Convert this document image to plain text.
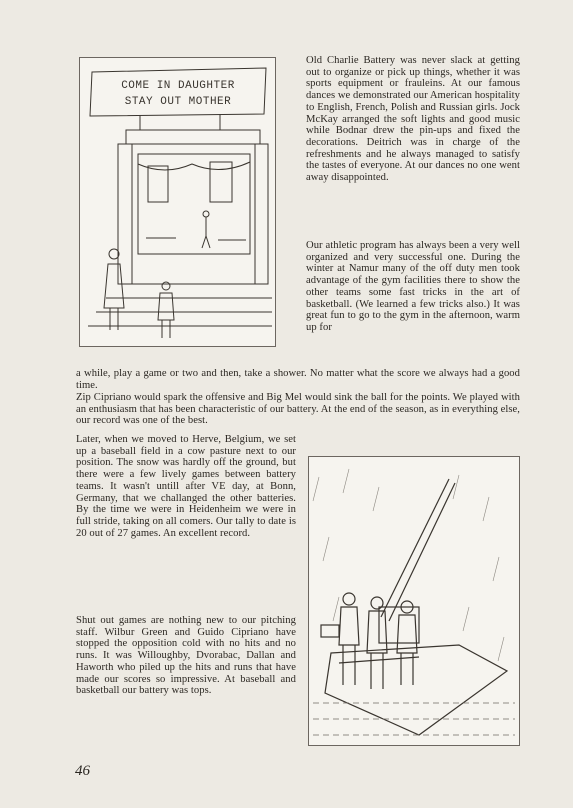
COME IN DAUGHTER
STAY OUT MOTHER

Old Charlie Battery was never slack at getting out to organize or pick up things, whether it was sports equipment or frauleins. At our famous dances we demonstrated our American hospitality to English, French, Polish and Russian girls. Jock McKay arranged the soft lights and good music while Bodnar drew the pin-ups and fixed the decorations. Deitrich was in charge of the refreshments and he always managed to satisfy the tastes of everyone. At our dances no one went away disappointed.

Our athletic program has always been a very well organized and very successful one. During the winter at Namur many of the off duty men took advantage of the gym facilities there to show the other teams some fast tricks in the art of basketball. (We learned a few tricks also.) It was great fun to go to the gym in the afternoon, warm up for

a while, play a game or two and then, take a shower. No matter what the score we always had a good time.

Zip Cipriano would spark the offensive and Big Mel would sink the ball for the points. We played with an enthusiasm that has been characteristic of our battery. At the end of the season, as in everything else, our record was one of the best.

Later, when we moved to Herve, Belgium, we set up a baseball field in a cow pasture next to our position. The snow was hardly off the ground, but there were a few lively games between battery teams. It wasn't untill after VE day, at Bonn, Germany, that we challanged the other batteries. By the time we were in Heidenheim we were in full stride, taking on all comers. Our tally to date is 20 out of 27 games. An excellent record.

Shut out games are nothing new to our pitching staff. Wilbur Green and Guido Cipriano have stopped the opposition cold with no hits and no runs. It was Willoughby, Dvorabac, Dallan and Haworth who piled up the hits and runs that have made our scores so impressive. At baseball and basketball our battery was tops.

46
